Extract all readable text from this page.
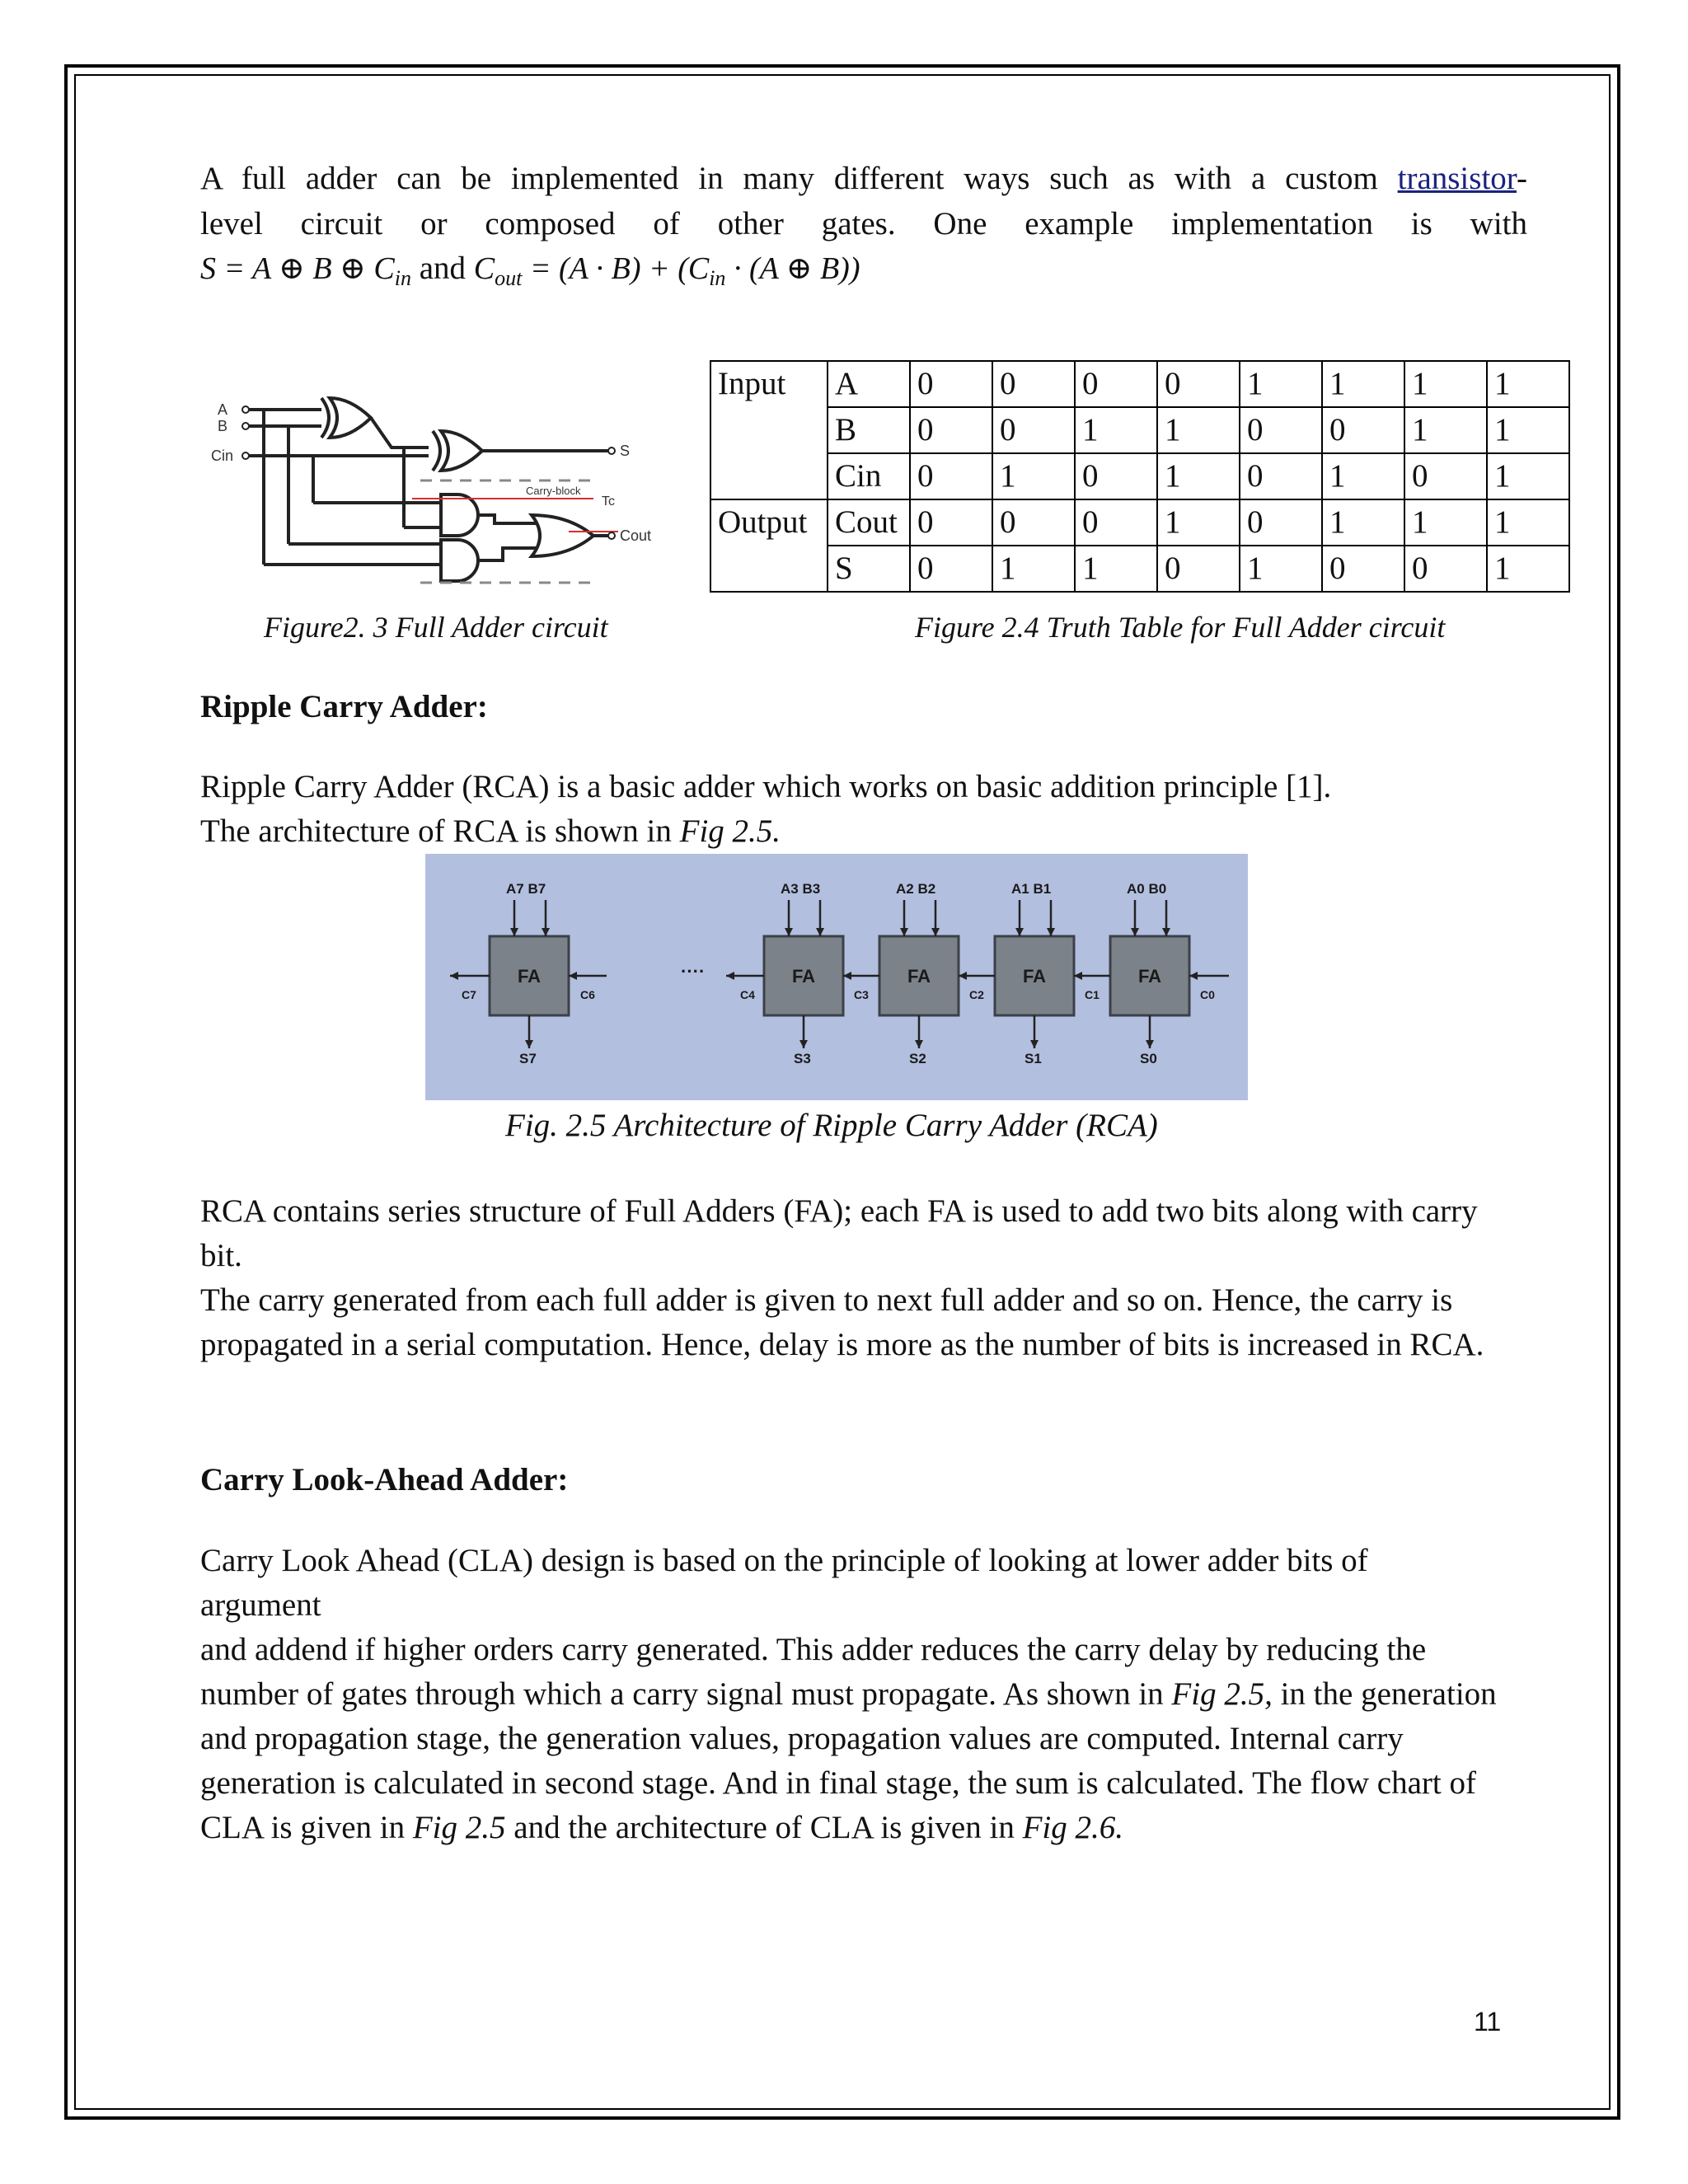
A full adder can be implemented in many different ways such as with a custom transistor-

level circuit or composed of other gates. One example implementation is with

S = A ⊕ B ⊕ $C_{in}$ and $C_{out} = (A \cdot B) + (C_{in} \cdot (A$ ⊕ B))

A
B
Cin	S
Cout
Carry-block
Tc

Figure2. 3 Full Adder circuit

Input	A	0	0	0	0	1	1	1	1
	B	0	0	1	1	0	0	1	1
	Cin	0	1	0	1	0	1	0	1
Output	Cout	0	0	0	1	0	1	1	1
	S	0	1	1	0	1	0	0	1

Figure 2.4 Truth Table for Full Adder circuit

Ripple Carry Adder:

Ripple Carry Adder (RCA) is a basic adder which works on basic addition principle [1].

The architecture of RCA is shown in Fig 2.5.

A7 B7	A3 B3	A2 B2	A1 B1	A0 B0
S7	S3	S2	S1	S0
C7	C6	C4	C3	C2	C1	C0
····
FA	FA	FA	FA	FA

Fig. 2.5 Architecture of Ripple Carry Adder (RCA)

RCA contains series structure of Full Adders (FA); each FA is used to add two bits along with carry bit.

The carry generated from each full adder is given to next full adder and so on. Hence, the carry is propagated in a serial computation. Hence, delay is more as the number of bits is increased in RCA.

Carry Look-Ahead Adder:

Carry Look Ahead (CLA) design is based on the principle of looking at lower adder bits of argument

and addend if higher orders carry generated. This adder reduces the carry delay by reducing the number of gates through which a carry signal must propagate. As shown in Fig 2.5, in the generation and propagation stage, the generation values, propagation values are computed. Internal carry generation is calculated in second stage. And in final stage, the sum is calculated. The flow chart of CLA is given in Fig 2.5 and the architecture of CLA is given in Fig 2.6.

11
